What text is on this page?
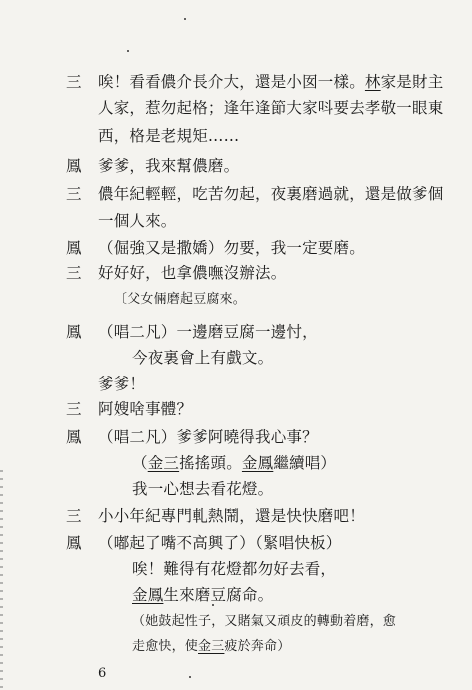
三 唉！看看儂介長介大，還是小囡一樣。林家是財主
人家，惹勿起格；逢年逢節大家呌要去孝敬一眼東
西，格是老規矩……
鳳 爹爹，我來幫儂磨。
三 儂年紀輕輕，吃苦勿起，夜裏磨過就，還是做爹個
一個人來。
鳳 （倔強又是撒嬌）勿要，我一定要磨。
三 好好好，也拿儂嘸沒辦法。
〔父女倆磨起豆腐來。
鳳 （唱二凡）一邊磨豆腐一邊忖，
今夜裏會上有戲文。
爹爹！
三 阿嫂啥事體？
鳳 （唱二凡）爹爹阿曉得我心事？
（金三搖搖頭。金鳳繼續唱）
我一心想去看花燈。
三 小小年紀專門軋熱鬧，還是快快磨吧！
鳳 （嘟起了嘴不高興了）（緊唱快板）
唉！難得有花燈都勿好去看，
金鳳生來磨豆腐命。
（她鼓起性子，又賭氣又頑皮的轉動着磨，愈
走愈快，使金三疲於奔命）
6
